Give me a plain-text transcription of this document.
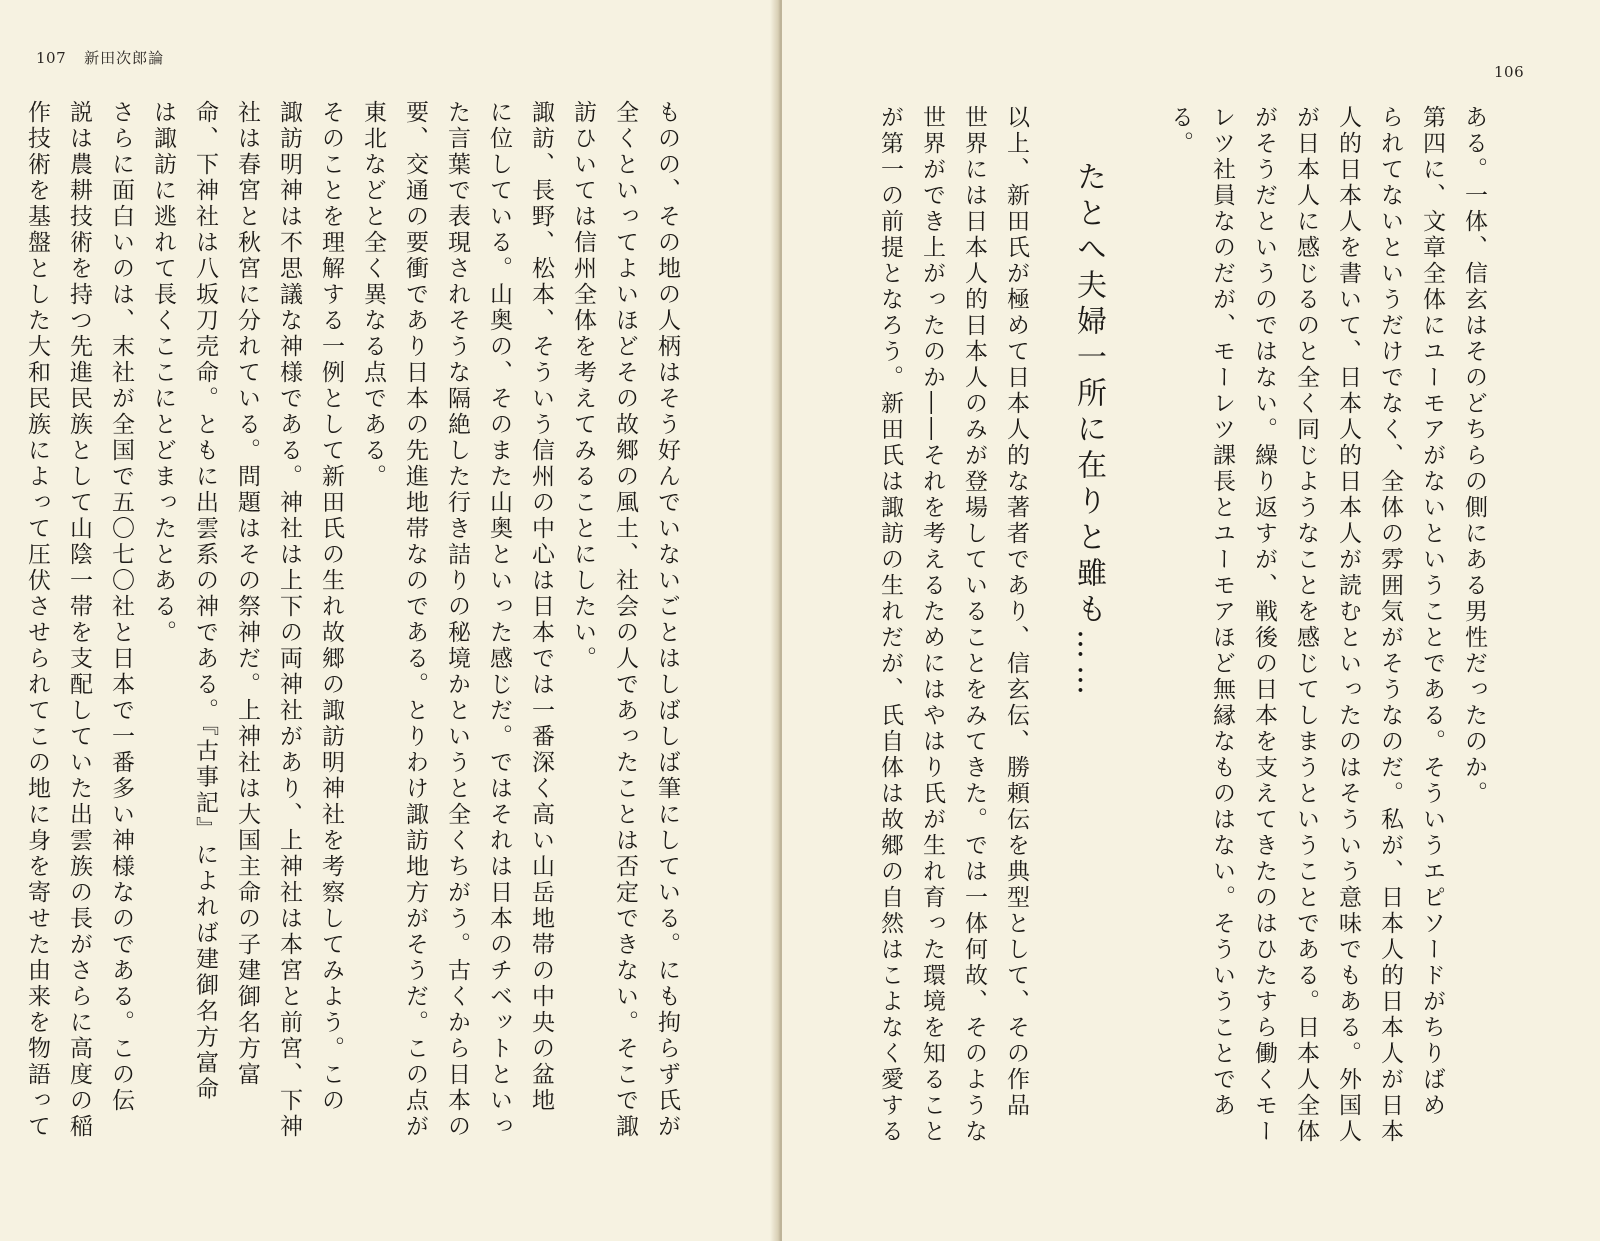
107 新田次郎論
ものの、その地の人柄はそう好んでいないごとはしばしば筆にしている。にも拘らず氏が
全くといってよいほどその故郷の風土、社会の人であったことは否定できない。そこで諏
訪ひいては信州全体を考えてみることにしたい。
諏訪、長野、松本、そういう信州の中心は日本では一番深く高い山岳地帯の中央の盆地
に位している。山奥の、そのまた山奥といった感じだ。ではそれは日本のチベットといっ
た言葉で表現されそうな隔絶した行き詰りの秘境かというと全くちがう。古くから日本の
要、交通の要衝であり日本の先進地帯なのである。とりわけ諏訪地方がそうだ。この点が
東北などと全く異なる点である。
そのことを理解する一例として新田氏の生れ故郷の諏訪明神社を考察してみよう。この
諏訪明神は不思議な神様である。神社は上下の両神社があり、上神社は本宮と前宮、下神
社は春宮と秋宮に分れている。問題はその祭神だ。上神社は大国主命の子建御名方富
命、下神社は八坂刀売命。ともに出雲系の神である。『古事記』によれば建御名方富命
は諏訪に逃れて長くここにとどまったとある。
さらに面白いのは、末社が全国で五〇七〇社と日本で一番多い神様なのである。この伝
説は農耕技術を持つ先進民族として山陰一帯を支配していた出雲族の長がさらに高度の稲
作技術を基盤とした大和民族によって圧伏させられてこの地に身を寄せた由来を物語って
106
ある。一体、信玄はそのどちらの側にある男性だったのか。
第四に、文章全体にユーモアがないということである。そういうエピソードがちりばめ
られてないというだけでなく、全体の雰囲気がそうなのだ。私が、日本人的日本人が日本
人的日本人を書いて、日本人的日本人が読むといったのはそういう意味でもある。外国人
が日本人に感じるのと全く同じようなことを感じてしまうということである。日本人全体
がそうだというのではない。繰り返すが、戦後の日本を支えてきたのはひたすら働くモー
レツ社員なのだが、モーレツ課長とユーモアほど無縁なものはない。そういうことであ
る。
たとへ夫婦一所に在りと雖も……
以上、新田氏が極めて日本人的な著者であり、信玄伝、勝頼伝を典型として、その作品
世界には日本人的日本人のみが登場していることをみてきた。では一体何故、そのような
世界ができ上がったのか――それを考えるためにはやはり氏が生れ育った環境を知ること
が第一の前提となろう。新田氏は諏訪の生れだが、氏自体は故郷の自然はこよなく愛する
